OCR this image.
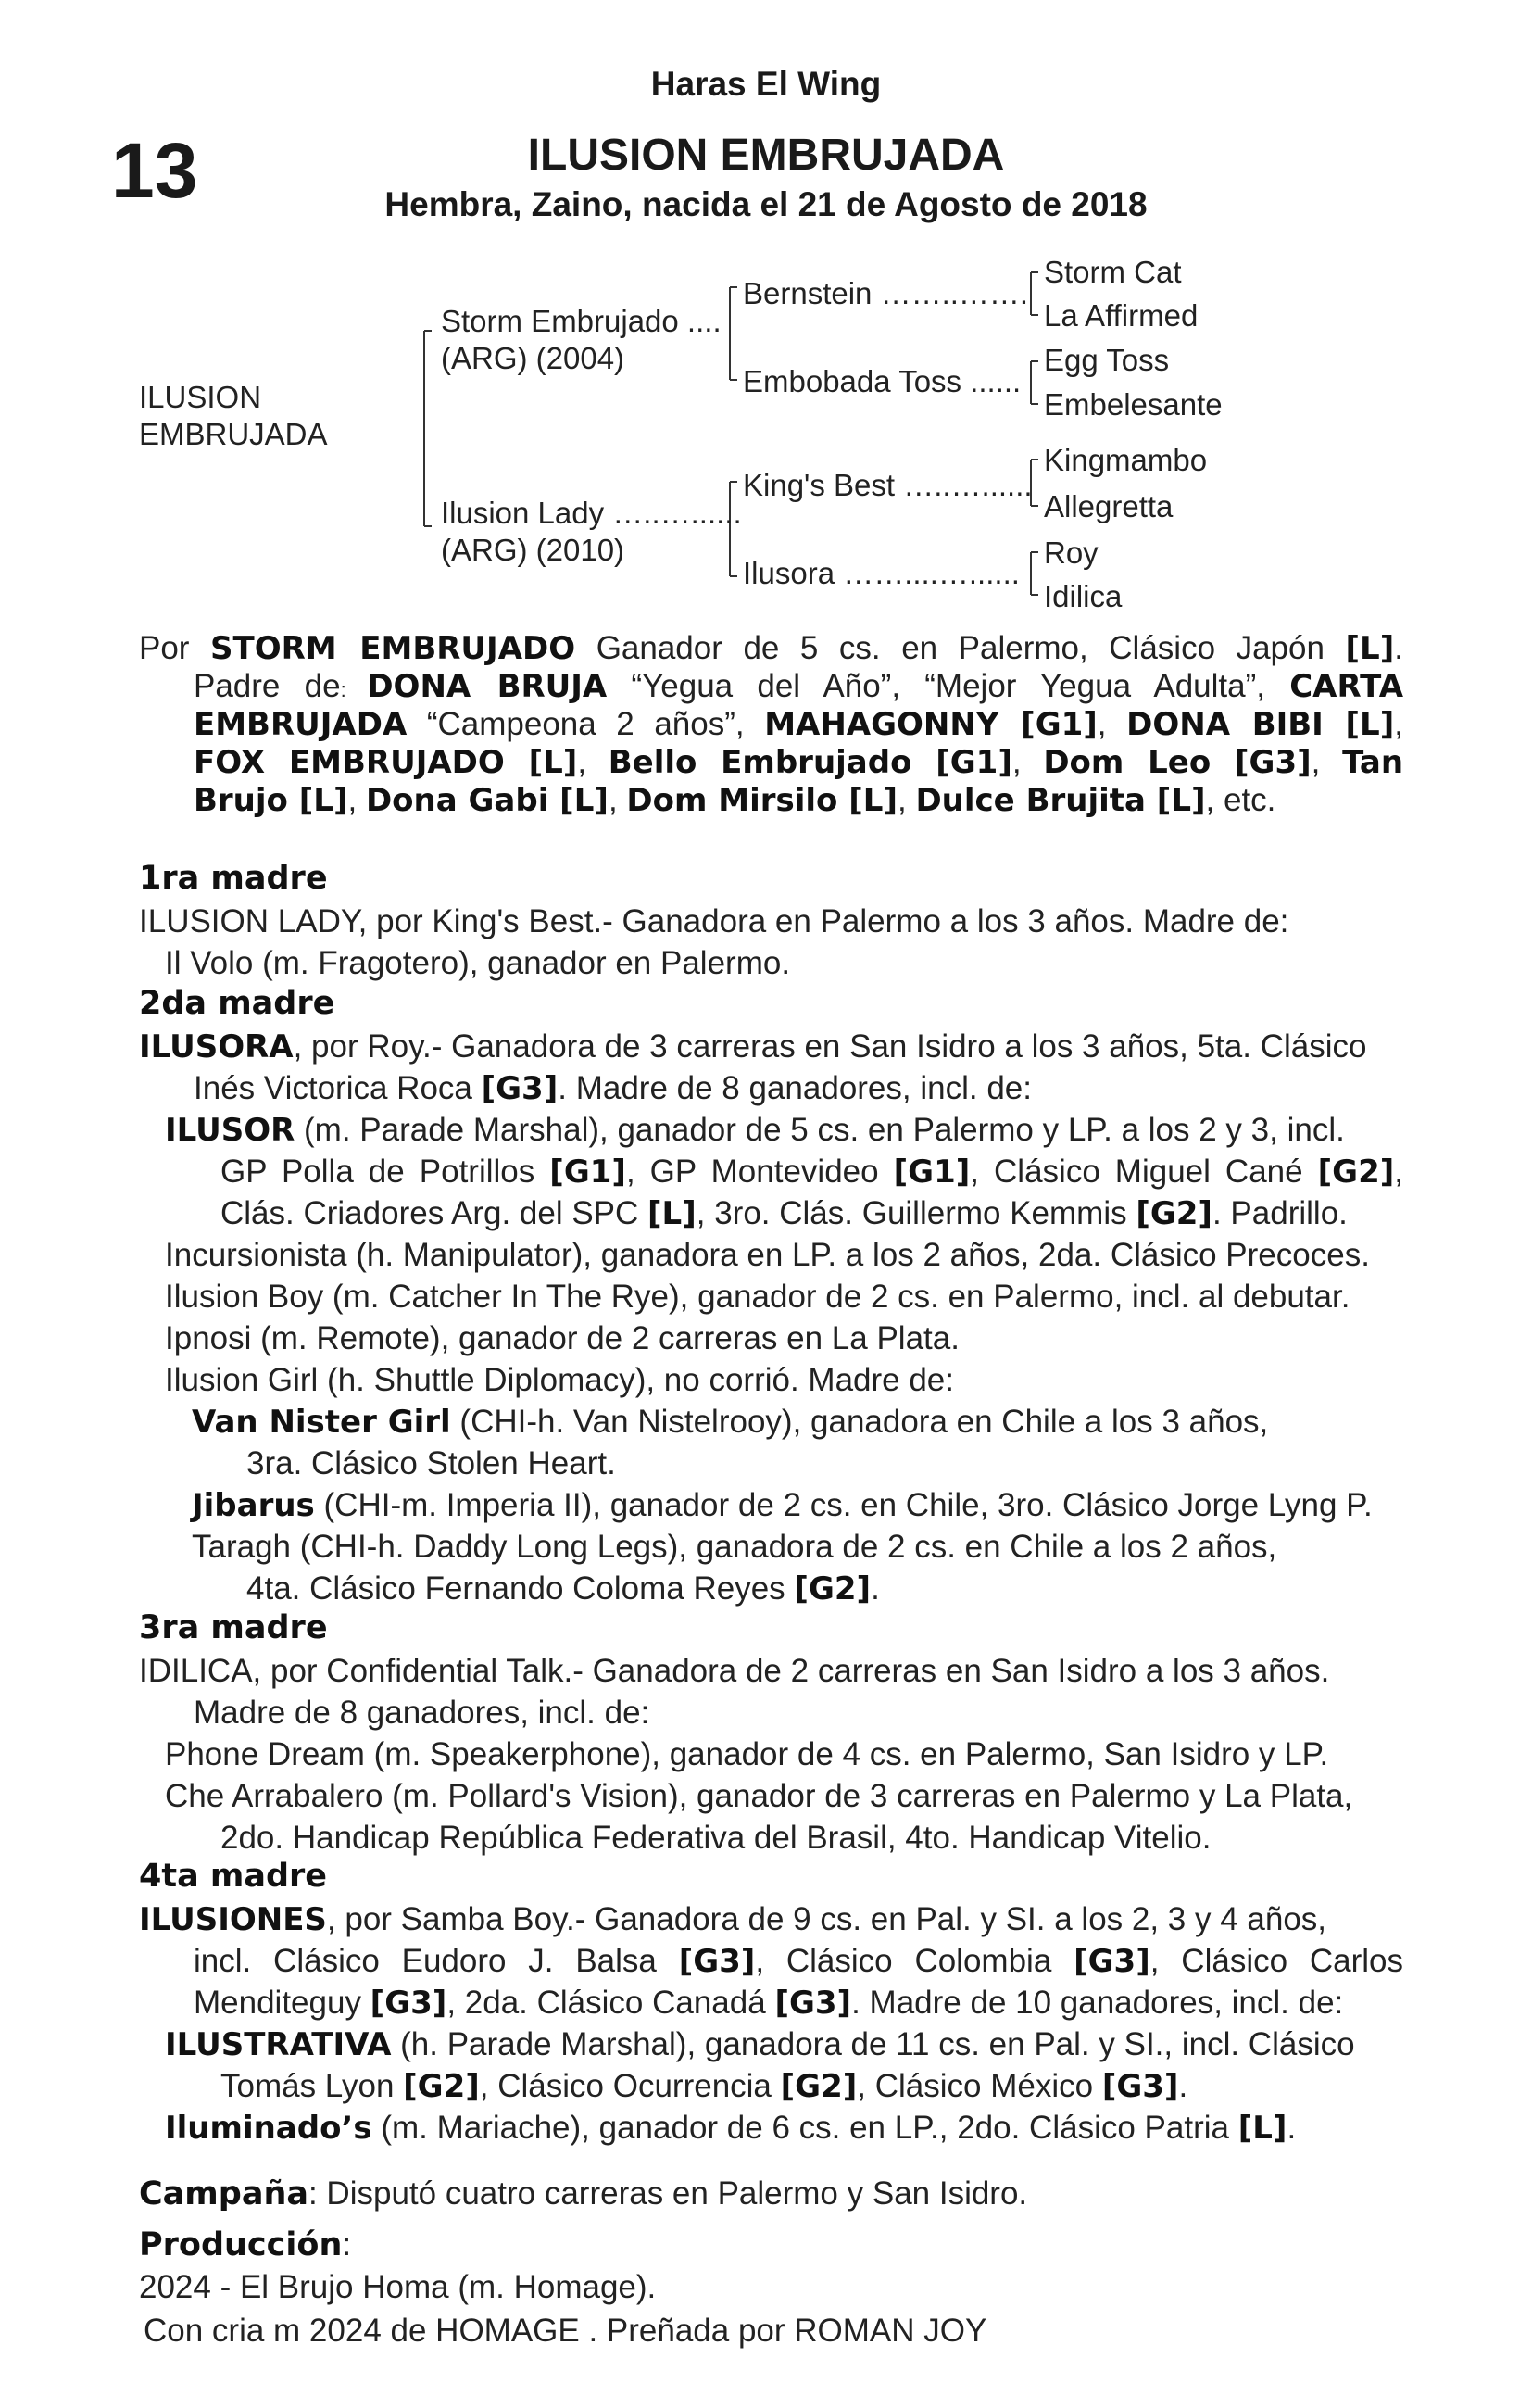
Haras El Wing
13	ILUSION EMBRUJADA
Hembra, Zaino, nacida el 21 de Agosto de 2018
ILUSION
EMBRUJADA
Storm Embrujado ....
(ARG) (2004)
Ilusion Lady …..…......
(ARG) (2010)
Bernstein ……..…….
Embobada Toss ......
King's Best …..…......
Ilusora ……....…......
Storm Cat
La Affirmed
Egg Toss
Embelesante
Kingmambo
Allegretta
Roy
Idilica
Por STORM EMBRUJADO Ganador de 5 cs. en Palermo, Clásico Japón [L].
Padre de: DONA BRUJA “Yegua del Año”, “Mejor Yegua Adulta”, CARTA
EMBRUJADA “Campeona 2 años”, MAHAGONNY [G1], DONA BIBI [L],
FOX EMBRUJADO [L], Bello Embrujado [G1], Dom Leo [G3], Tan
Brujo [L], Dona Gabi [L], Dom Mirsilo [L], Dulce Brujita [L], etc.
1ra madre
ILUSION LADY, por King's Best.- Ganadora en Palermo a los 3 años. Madre de:
Il Volo (m. Fragotero), ganador en Palermo.
2da madre
ILUSORA, por Roy.- Ganadora de 3 carreras en San Isidro a los 3 años, 5ta. Clásico
Inés Victorica Roca [G3]. Madre de 8 ganadores, incl. de:
ILUSOR (m. Parade Marshal), ganador de 5 cs. en Palermo y LP. a los 2 y 3, incl.
GP Polla de Potrillos [G1], GP Montevideo [G1], Clásico Miguel Cané [G2],
Clás. Criadores Arg. del SPC [L], 3ro. Clás. Guillermo Kemmis [G2]. Padrillo.
Incursionista (h. Manipulator), ganadora en LP. a los 2 años, 2da. Clásico Precoces.
Ilusion Boy (m. Catcher In The Rye), ganador de 2 cs. en Palermo, incl. al debutar.
Ipnosi (m. Remote), ganador de 2 carreras en La Plata.
Ilusion Girl (h. Shuttle Diplomacy), no corrió. Madre de:
Van Nister Girl (CHI-h. Van Nistelrooy), ganadora en Chile a los 3 años,
3ra. Clásico Stolen Heart.
Jibarus (CHI-m. Imperia II), ganador de 2 cs. en Chile, 3ro. Clásico Jorge Lyng P.
Taragh (CHI-h. Daddy Long Legs), ganadora de 2 cs. en Chile a los 2 años,
4ta. Clásico Fernando Coloma Reyes [G2].
3ra madre
IDILICA, por Confidential Talk.- Ganadora de 2 carreras en San Isidro a los 3 años.
Madre de 8 ganadores, incl. de:
Phone Dream (m. Speakerphone), ganador de 4 cs. en Palermo, San Isidro y LP.
Che Arrabalero (m. Pollard's Vision), ganador de 3 carreras en Palermo y La Plata,
2do. Handicap República Federativa del Brasil, 4to. Handicap Vitelio.
4ta madre
ILUSIONES, por Samba Boy.- Ganadora de 9 cs. en Pal. y SI. a los 2, 3 y 4 años,
incl. Clásico Eudoro J. Balsa [G3], Clásico Colombia [G3], Clásico Carlos
Menditeguy [G3], 2da. Clásico Canadá [G3]. Madre de 10 ganadores, incl. de:
ILUSTRATIVA (h. Parade Marshal), ganadora de 11 cs. en Pal. y SI., incl. Clásico
Tomás Lyon [G2], Clásico Ocurrencia [G2], Clásico México [G3].
Iluminado’s (m. Mariache), ganador de 6 cs. en LP., 2do. Clásico Patria [L].
Campaña: Disputó cuatro carreras en Palermo y San Isidro.
Producción:
2024 - El Brujo Homa (m. Homage).
Con cria m 2024 de HOMAGE . Preñada por ROMAN JOY
